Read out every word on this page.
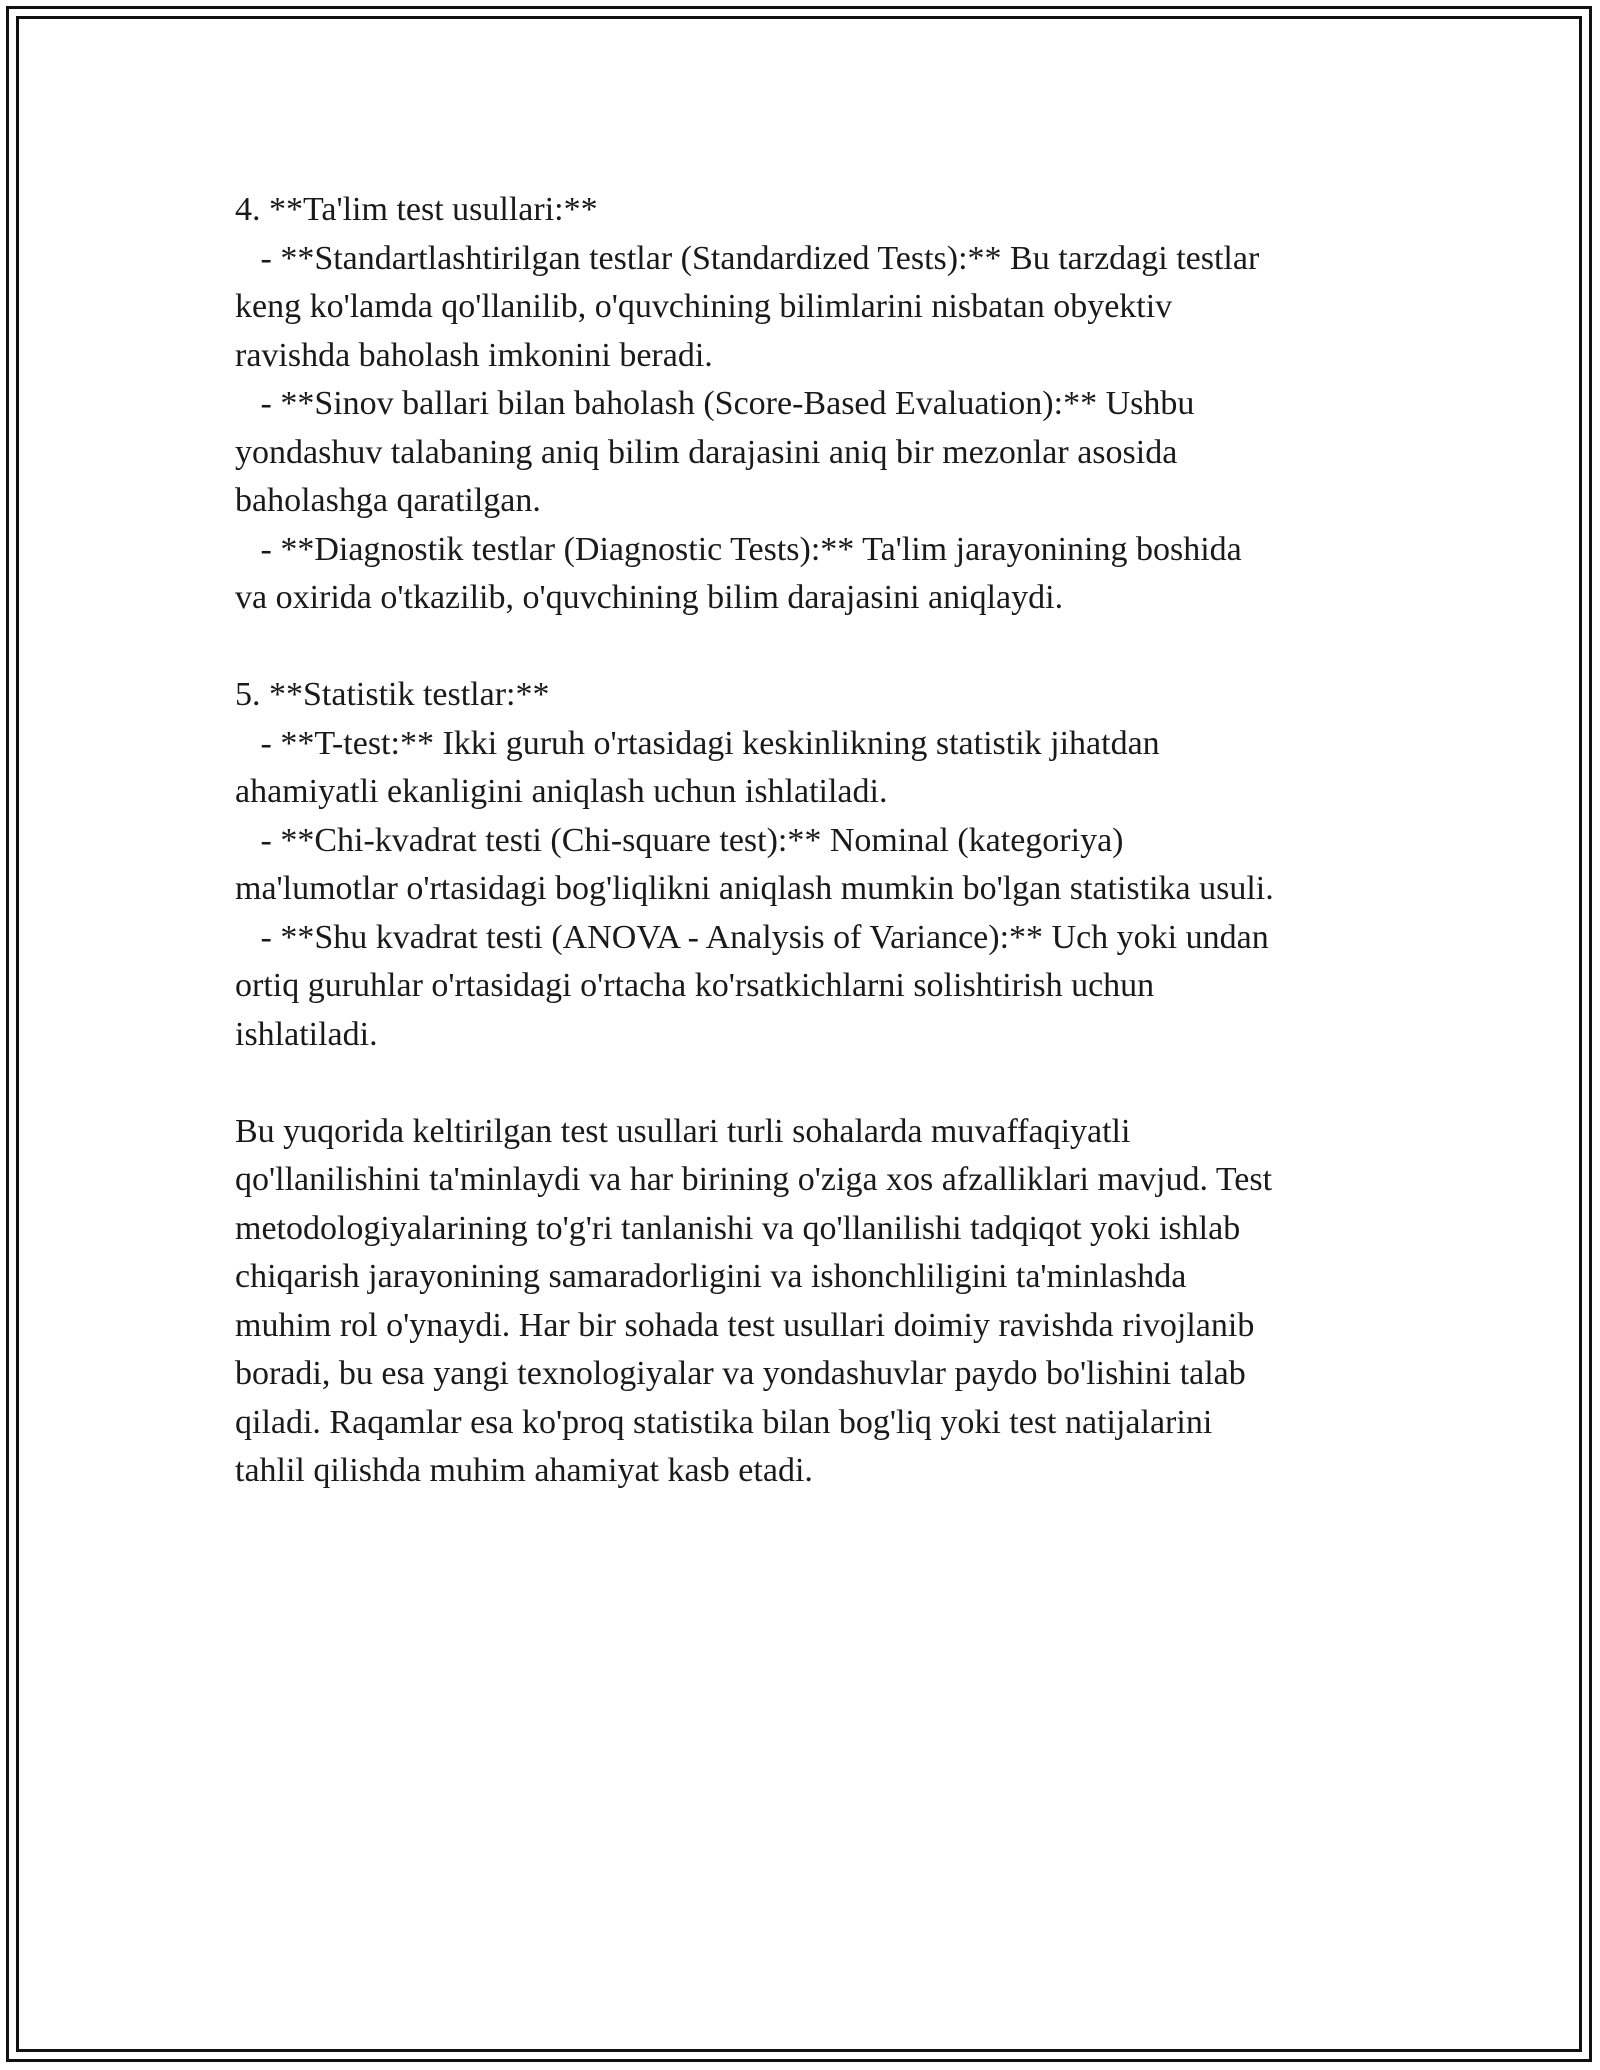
4. **Ta'lim test usullari:**
- **Standartlashtirilgan testlar (Standardized Tests):** Bu tarzdagi testlar
keng ko'lamda qo'llanilib, o'quvchining bilimlarini nisbatan obyektiv
ravishda baholash imkonini beradi.
- **Sinov ballari bilan baholash (Score-Based Evaluation):** Ushbu
yondashuv talabaning aniq bilim darajasini aniq bir mezonlar asosida
baholashga qaratilgan.
- **Diagnostik testlar (Diagnostic Tests):** Ta'lim jarayonining boshida
va oxirida o'tkazilib, o'quvchining bilim darajasini aniqlaydi.
5. **Statistik testlar:**
- **T-test:** Ikki guruh o'rtasidagi keskinlikning statistik jihatdan
ahamiyatli ekanligini aniqlash uchun ishlatiladi.
- **Chi-kvadrat testi (Chi-square test):** Nominal (kategoriya)
ma'lumotlar o'rtasidagi bog'liqlikni aniqlash mumkin bo'lgan statistika usuli.
- **Shu kvadrat testi (ANOVA - Analysis of Variance):** Uch yoki undan
ortiq guruhlar o'rtasidagi o'rtacha ko'rsatkichlarni solishtirish uchun
ishlatiladi.
Bu yuqorida keltirilgan test usullari turli sohalarda muvaffaqiyatli
qo'llanilishini ta'minlaydi va har birining o'ziga xos afzalliklari mavjud. Test
metodologiyalarining to'g'ri tanlanishi va qo'llanilishi tadqiqot yoki ishlab
chiqarish jarayonining samaradorligini va ishonchliligini ta'minlashda
muhim rol o'ynaydi. Har bir sohada test usullari doimiy ravishda rivojlanib
boradi, bu esa yangi texnologiyalar va yondashuvlar paydo bo'lishini talab
qiladi. Raqamlar esa ko'proq statistika bilan bog'liq yoki test natijalarini
tahlil qilishda muhim ahamiyat kasb etadi.
